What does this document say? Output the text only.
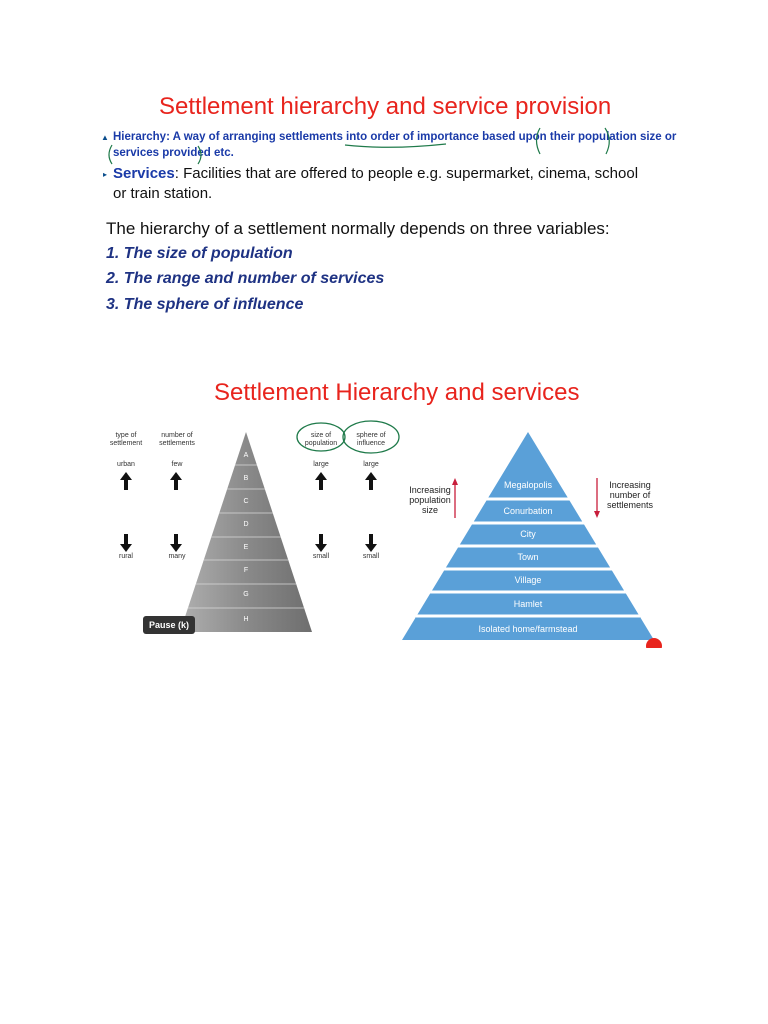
Settlement hierarchy and service provision
▲ Hierarchy: A way of arranging settlements into order of importance based upon their population size or
services provided etc.
▸ Services: Facilities that are offered to people e.g. supermarket, cinema, school
or train station.
The hierarchy of a settlement normally depends on three variables:
1. The size of population
2. The range and number of services
3. The sphere of influence
Settlement Hierarchy and services
type of settlement
number of settlements
size of population
sphere of influence
urban	few	large	large
rural	many	small	small
A
B
C
D
E
F
G
H
Pause (k)
Megalopolis
Conurbation
City
Town
Village
Hamlet
Isolated home/farmstead
Increasing population size
Increasing number of settlements
